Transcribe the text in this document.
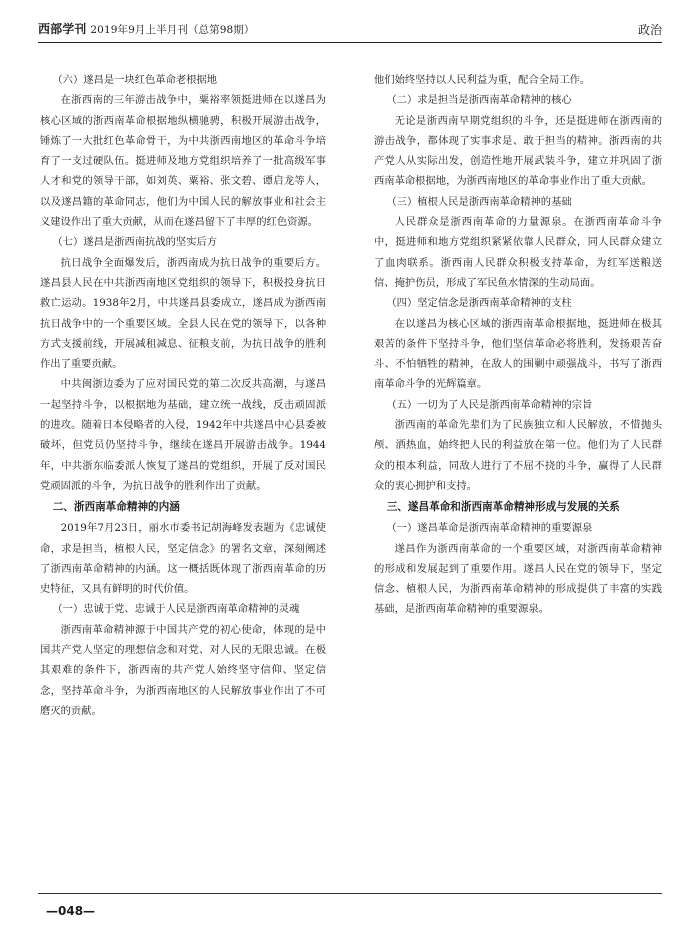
西部学刊 2019年9月上半月刊（总第98期）	政治

（六）遂昌是一块红色革命老根据地

在浙西南的三年游击战争中，粟裕率领挺进师在以遂昌为核心区域的浙西南革命根据地纵横驰骋，积极开展游击战争，锤炼了一大批红色革命骨干，为中共浙西南地区的革命斗争培育了一支过硬队伍。挺进师及地方党组织培养了一批高级军事人才和党的领导干部，如刘英、粟裕、张文碧、谭启龙等人，以及遂昌籍的革命同志，他们为中国人民的解放事业和社会主义建设作出了重大贡献，从而在遂昌留下了丰厚的红色资源。

（七）遂昌是浙西南抗战的坚实后方

抗日战争全面爆发后，浙西南成为抗日战争的重要后方。遂昌县人民在中共浙西南地区党组织的领导下，积极投身抗日救亡运动。1938年2月，中共遂昌县委成立，遂昌成为浙西南抗日战争中的一个重要区域。全县人民在党的领导下，以各种方式支援前线，开展减租减息、征粮支前，为抗日战争的胜利作出了重要贡献。

中共闽浙边委为了应对国民党的第二次反共高潮，与遂昌一起坚持斗争，以根据地为基础，建立统一战线，反击顽固派的进攻。随着日本侵略者的入侵，1942年中共遂昌中心县委被破坏，但党员仍坚持斗争，继续在遂昌开展游击战争。1944年，中共浙东临委派人恢复了遂昌的党组织，开展了反对国民党顽固派的斗争，为抗日战争的胜利作出了贡献。

二、浙西南革命精神的内涵

2019年7月23日，丽水市委书记胡海峰发表题为《忠诚使命，求是担当，植根人民，坚定信念》的署名文章，深刻阐述了浙西南革命精神的内涵。这一概括既体现了浙西南革命的历史特征，又具有鲜明的时代价值。

（一）忠诚于党、忠诚于人民是浙西南革命精神的灵魂

浙西南革命精神源于中国共产党的初心使命，体现的是中国共产党人坚定的理想信念和对党、对人民的无限忠诚。在极其艰难的条件下，浙西南的共产党人始终坚守信仰、坚定信念，坚持革命斗争，为浙西南地区的人民解放事业作出了不可磨灭的贡献。

他们始终坚持以人民利益为重，配合全局工作。

（二）求是担当是浙西南革命精神的核心

无论是浙西南早期党组织的斗争，还是挺进师在浙西南的游击战争，都体现了实事求是、敢于担当的精神。浙西南的共产党人从实际出发，创造性地开展武装斗争，建立并巩固了浙西南革命根据地，为浙西南地区的革命事业作出了重大贡献。

（三）植根人民是浙西南革命精神的基础

人民群众是浙西南革命的力量源泉。在浙西南革命斗争中，挺进师和地方党组织紧紧依靠人民群众，同人民群众建立了血肉联系。浙西南人民群众积极支持革命，为红军送粮送信、掩护伤员，形成了军民鱼水情深的生动局面。

（四）坚定信念是浙西南革命精神的支柱

在以遂昌为核心区域的浙西南革命根据地，挺进师在极其艰苦的条件下坚持斗争，他们坚信革命必将胜利，发扬艰苦奋斗、不怕牺牲的精神，在敌人的围剿中顽强战斗，书写了浙西南革命斗争的光辉篇章。

（五）一切为了人民是浙西南革命精神的宗旨

浙西南的革命先辈们为了民族独立和人民解放，不惜抛头颅、洒热血，始终把人民的利益放在第一位。他们为了人民群众的根本利益，同敌人进行了不屈不挠的斗争，赢得了人民群众的衷心拥护和支持。

三、遂昌革命和浙西南革命精神形成与发展的关系

（一）遂昌革命是浙西南革命精神的重要源泉

遂昌作为浙西南革命的一个重要区域，对浙西南革命精神的形成和发展起到了重要作用。遂昌人民在党的领导下，坚定信念、植根人民，为浙西南革命精神的形成提供了丰富的实践基础，是浙西南革命精神的重要源泉。

—048—
